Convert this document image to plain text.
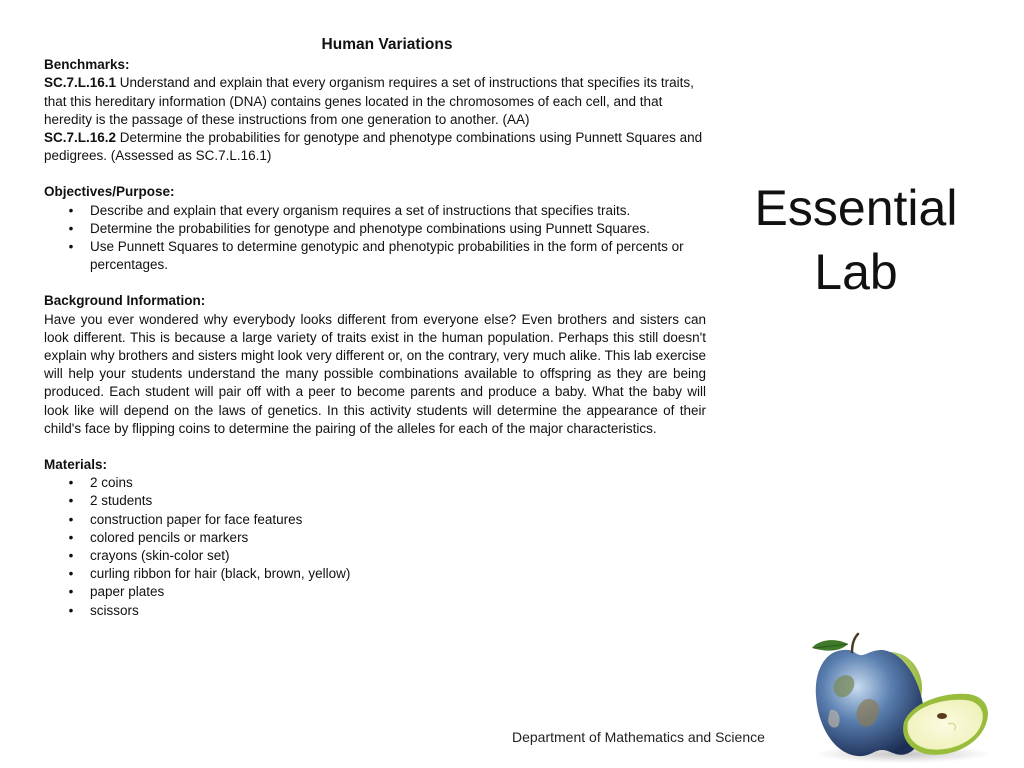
Human Variations

Benchmarks:

SC.7.L.16.1 Understand and explain that every organism requires a set of instructions that specifies its traits, that this hereditary information (DNA) contains genes located in the chromosomes of each cell, and that heredity is the passage of these instructions from one generation to another. (AA)

SC.7.L.16.2 Determine the probabilities for genotype and phenotype combinations using Punnett Squares and pedigrees. (Assessed as SC.7.L.16.1)

Objectives/Purpose:

• Describe and explain that every organism requires a set of instructions that specifies traits.
• Determine the probabilities for genotype and phenotype combinations using Punnett Squares.
• Use Punnett Squares to determine genotypic and phenotypic probabilities in the form of percents or percentages.

Background Information:

Have you ever wondered why everybody looks different from everyone else? Even brothers and sisters can look different. This is because a large variety of traits exist in the human population. Perhaps this still doesn't explain why brothers and sisters might look very different or, on the contrary, very much alike. This lab exercise will help your students understand the many possible combinations available to offspring as they are being produced. Each student will pair off with a peer to become parents and produce a baby. What the baby will look like will depend on the laws of genetics. In this activity students will determine the appearance of their child's face by flipping coins to determine the pairing of the alleles for each of the major characteristics.

Materials:

• 2 coins
• 2 students
• construction paper for face features
• colored pencils or markers
• crayons (skin-color set)
• curling ribbon for hair (black, brown, yellow)
• paper plates
• scissors
Essential
Lab
Department of Mathematics and Science
